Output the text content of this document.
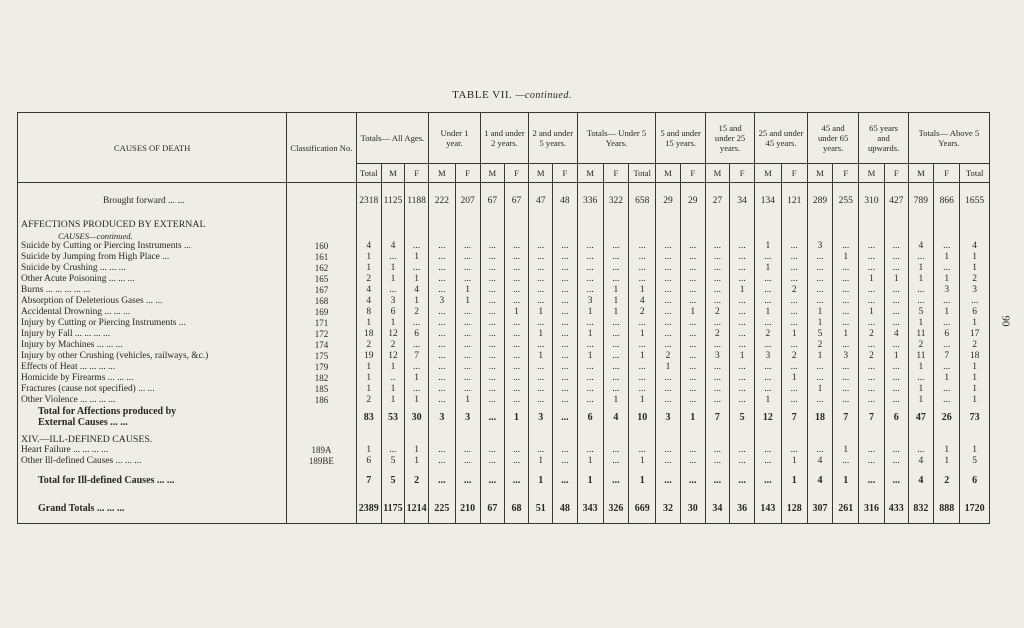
TABLE VII. —continued.
90
CAUSES OF DEATH	Classification No.	Totals— All Ages.			Under 1 year.		1 and under 2 years.		2 and under 5 years.		Totals— Under 5 Years.			5 and under 15 years.		15 and under 25 years.		25 and under 45 years.		45 and under 65 years.		65 years and upwards.		Totals— Above 5 Years.		
		Total	M	F	M	F	M	F	M	F	M	F	Total	M	F	M	F	M	F	M	F	M	F	M	F	Total

Brought forward ... ...		2318	1125	1188	222	207	67	67	47	48	336	322	658	29	29	27	34	134	121	289	255	310	427	789	866	1655

AFFECTIONS PRODUCED BY EXTERNAL																										
CAUSES—continued.																										
Suicide by Cutting or Piercing Instruments ...	160	4	4	...	...	...	...	...	...	...	...	...	...	...	...	...	...	1	...	3	...	...	...	4	...	4
Suicide by Jumping from High Place ...	161	1	...	1	...	...	...	...	...	...	...	...	...	...	...	...	...	...	...	...	1	...	...	...	1	1
Suicide by Crushing ... ... ...	162	1	1	...	...	...	...	...	...	...	...	...	...	...	...	...	...	1	...	...	...	...	...	1	...	1
Other Acute Poisoning ... ... ...	165	2	1	1	...	...	...	...	...	...	...	...	...	...	...	...	...	...	...	...	...	1	1	1	1	2
Burns ... ... ... ... ...	167	4	...	4	...	1	...	...	...	...	...	1	1	...	...	...	1	...	2	...	...	...	...	...	3	3
Absorption of Deleterious Gases ... ...	168	4	3	1	3	1	...	...	...	...	3	1	4	...	...	...	...	...	...	...	...	...	...	...	...	...
Accidental Drowning ... ... ...	169	8	6	2	...	...	...	1	1	...	1	1	2	...	1	2	...	1	...	1	...	1	...	5	1	6
Injury by Cutting or Piercing Instruments ...	171	1	1	...	...	...	...	...	...	...	...	...	...	...	...	...	...	...	...	1	...	...	...	1	...	1
Injury by Fall ... ... ... ...	172	18	12	6	...	...	...	...	1	...	1	...	1	...	...	2	...	2	1	5	1	2	4	11	6	17
Injury by Machines ... ... ...	174	2	2	...	...	...	...	...	...	...	...	...	...	...	...	...	...	...	...	2	...	...	...	2	...	2
Injury by other Crushing (vehicles, railways, &c.)	175	19	12	7	...	...	...	...	1	...	1	...	1	2	...	3	1	3	2	1	3	2	1	11	7	18
Effects of Heat ... ... ... ...	179	1	1	...	...	...	...	...	...	...	...	...	...	1	...	...	...	...	...	...	...	...	...	1	...	1
Homicide by Firearms ... ... ...	182	1	..	1	...	...	...	...	...	...	...	...	...	...	...	...	...	...	1	...	...	...	...	...	1	1
Fractures (cause not specified) ... ...	185	1	1	...	...	...	...	...	...	...	...	...	...	...	...	...	...	...	...	1	...	...	...	1	...	1
Other Violence ... ... ... ...	186	2	1	1	...	1	...	...	...	...	...	1	1	...	...	...	...	1	...	...	...	...	...	1	...	1

Total for Affections produced by
External Causes ... ...		83	53	30	3	3	...	1	3	...	6	4	10	3	1	7	5	12	7	18	7	7	6	47	26	73

XIV.—ILL-DEFINED CAUSES.																										
Heart Failure ... ... ... ...	189A	1	...	1	...	...	...	...	...	...	...	...	...	...	...	...	...	...	...	...	1	...	...	...	1	1
Other Ill-defined Causes ... ... ...	189BE	6	5	1	...	...	...	...	1	...	1	...	1	...	...	...	...	...	1	4	...	...	...	4	1	5
Total for Ill-defined Causes ... ...		7	5	2	...	...	...	...	1	...	1	...	1	...	...	...	...	...	1	4	1	...	...	4	2	6
Grand Totals ... ... ...		2389	1175	1214	225	210	67	68	51	48	343	326	669	32	30	34	36	143	128	307	261	316	433	832	888	1720
